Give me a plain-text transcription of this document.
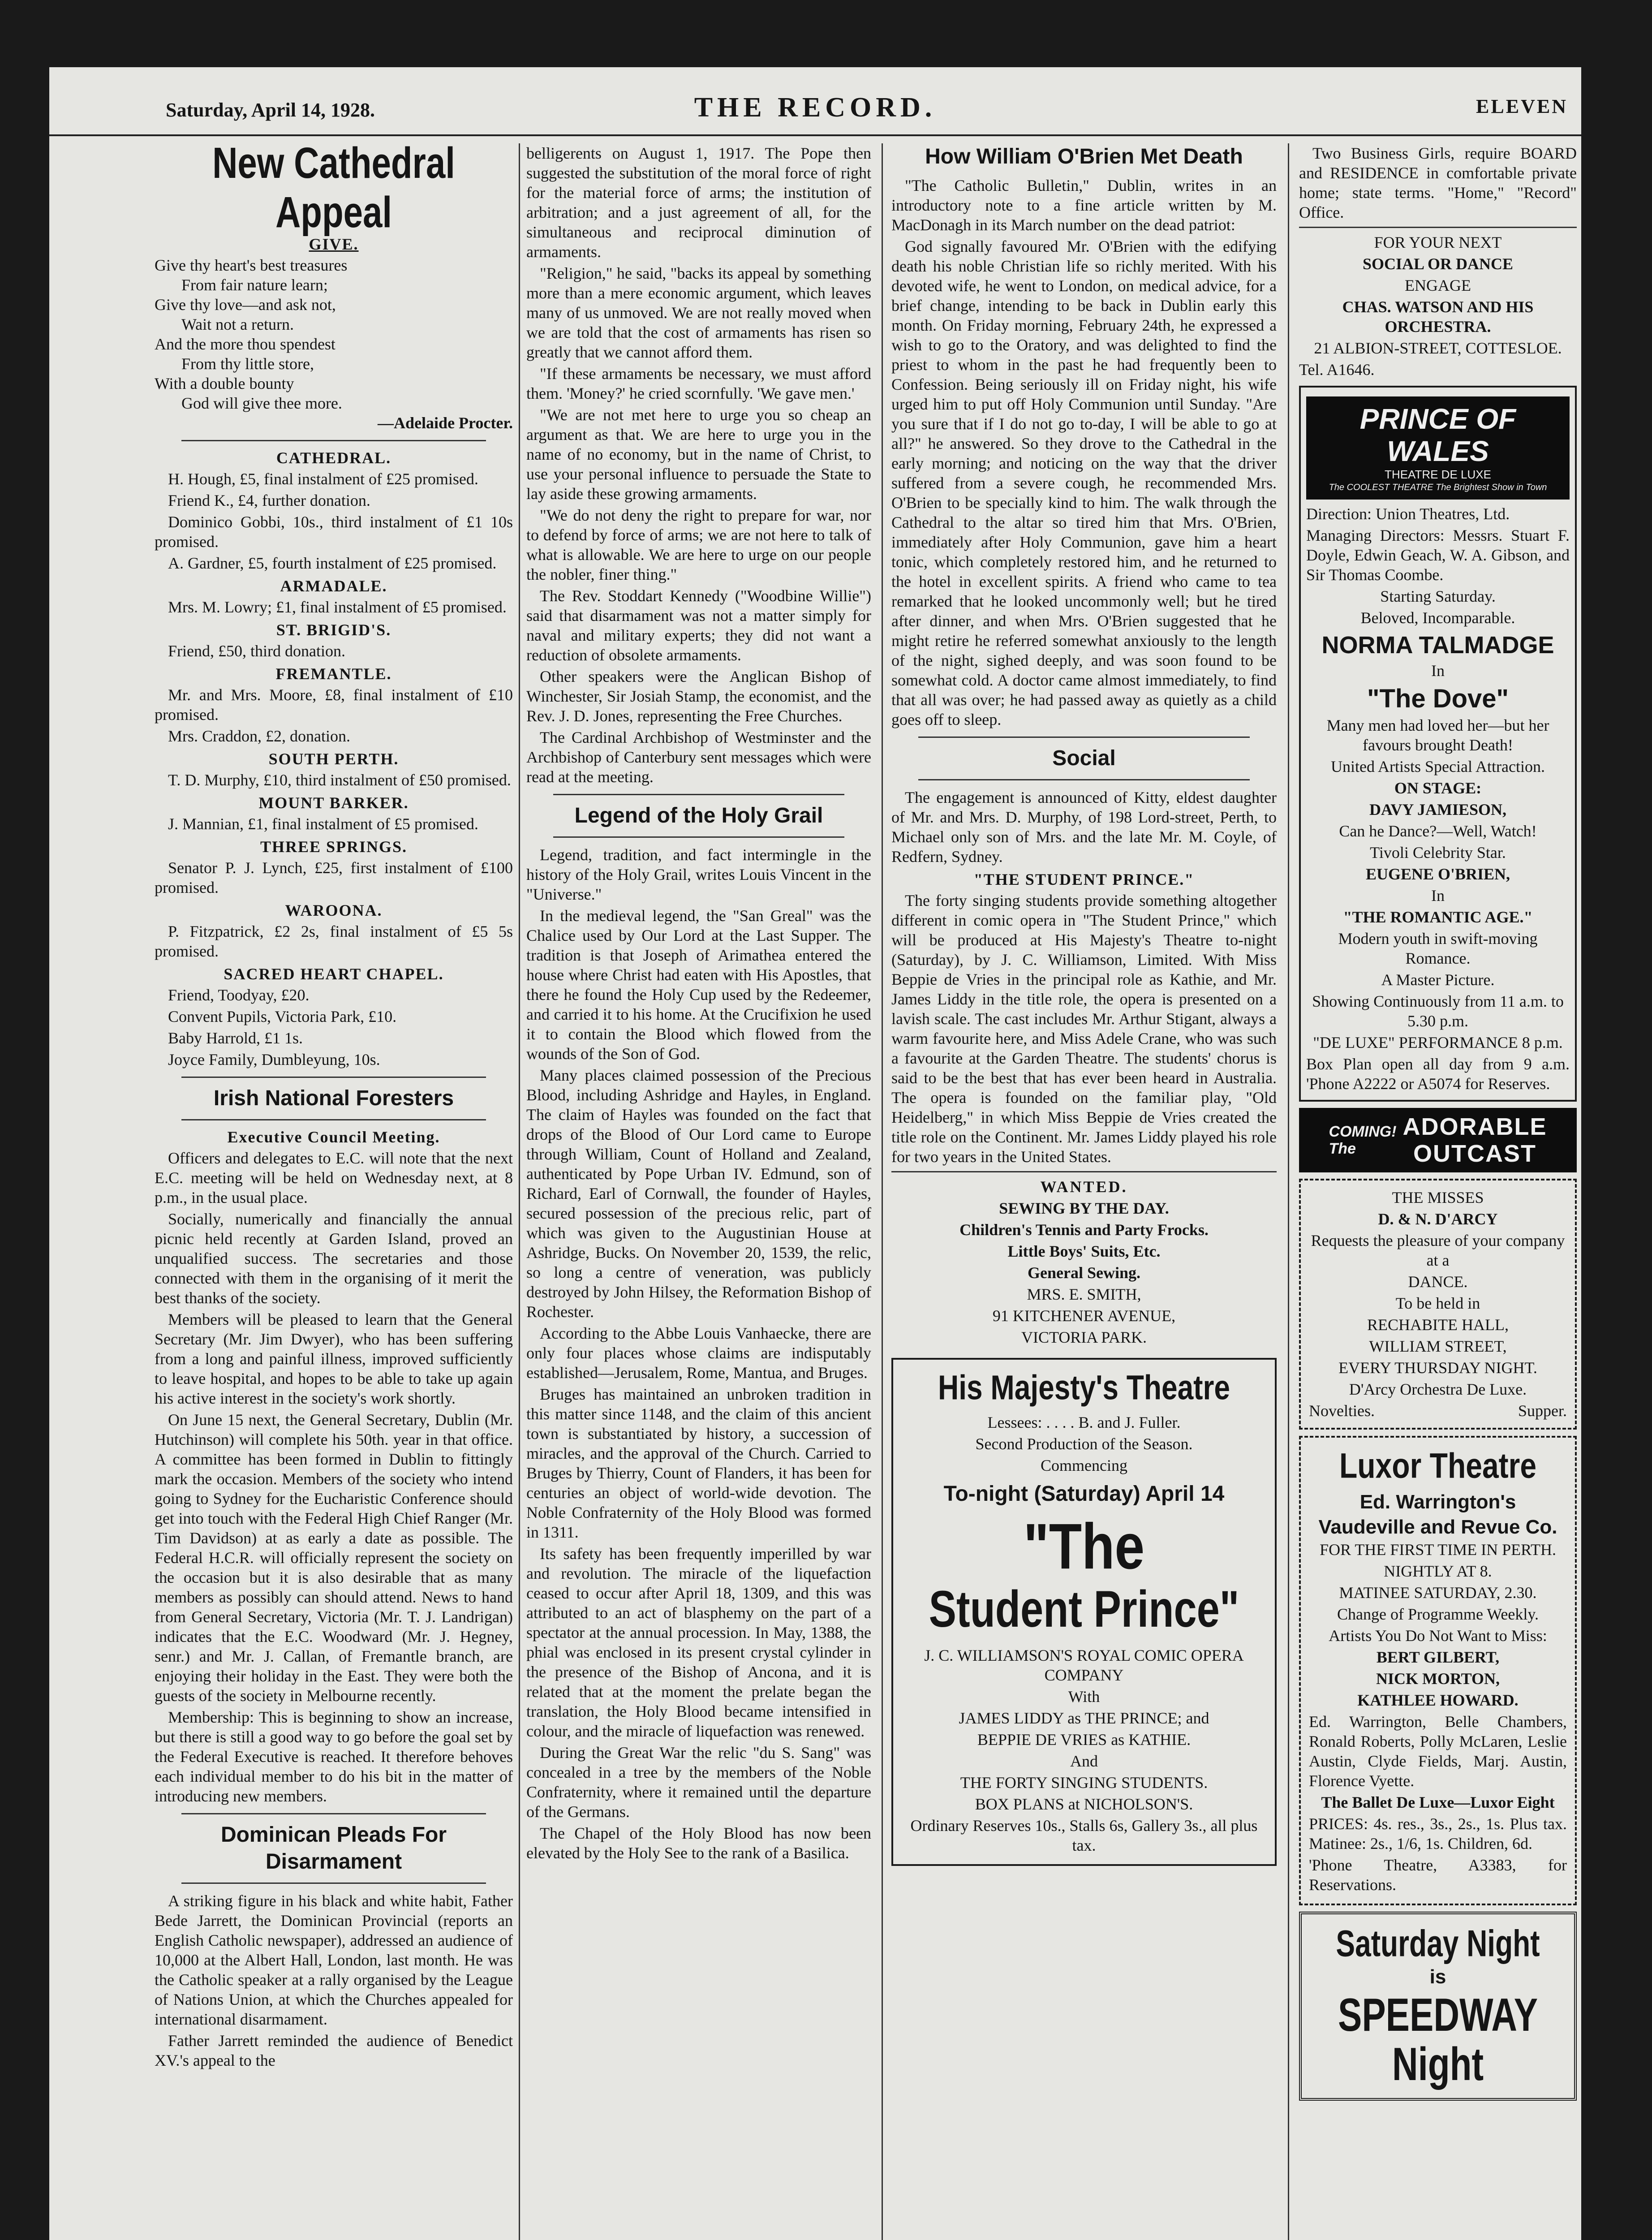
Saturday, April 14, 1928.	THE RECORD.	ELEVEN
New Cathedral Appeal
GIVE.

Give thy heart's best treasures

From fair nature learn;

Give thy love—and ask not,

Wait not a return.

And the more thou spendest

From thy little store,

With a double bounty

God will give thee more.

—Adelaide Procter.

CATHEDRAL.

H. Hough, £5, final instalment of £25 promised.

Friend K., £4, further donation.

Dominico Gobbi, 10s., third instalment of £1 10s promised.

A. Gardner, £5, fourth instalment of £25 promised.

ARMADALE.

Mrs. M. Lowry; £1, final instalment of £5 promised.

ST. BRIGID'S.

Friend, £50, third donation.

FREMANTLE.

Mr. and Mrs. Moore, £8, final instalment of £10 promised.

Mrs. Craddon, £2, donation.

SOUTH PERTH.

T. D. Murphy, £10, third instalment of £50 promised.

MOUNT BARKER.

J. Mannian, £1, final instalment of £5 promised.

THREE SPRINGS.

Senator P. J. Lynch, £25, first instalment of £100 promised.

WAROONA.

P. Fitzpatrick, £2 2s, final instalment of £5 5s promised.

SACRED HEART CHAPEL.

Friend, Toodyay, £20.

Convent Pupils, Victoria Park, £10.

Baby Harrold, £1 1s.

Joyce Family, Dumbleyung, 10s.

Irish National Foresters
Executive Council Meeting.

Officers and delegates to E.C. will note that the next E.C. meeting will be held on Wednesday next, at 8 p.m., in the usual place.

Socially, numerically and financially the annual picnic held recently at Garden Island, proved an unqualified success. The secretaries and those connected with them in the organising of it merit the best thanks of the society.

Members will be pleased to learn that the General Secretary (Mr. Jim Dwyer), who has been suffering from a long and painful illness, improved sufficiently to leave hospital, and hopes to be able to take up again his active interest in the society's work shortly.

On June 15 next, the General Secretary, Dublin (Mr. Hutchinson) will complete his 50th. year in that office. A committee has been formed in Dublin to fittingly mark the occasion. Members of the society who intend going to Sydney for the Eucharistic Conference should get into touch with the Federal High Chief Ranger (Mr. Tim Davidson) at as early a date as possible. The Federal H.C.R. will officially represent the society on the occasion but it is also desirable that as many members as possibly can should attend. News to hand from General Secretary, Victoria (Mr. T. J. Landrigan) indicates that the E.C. Woodward (Mr. J. Hegney, senr.) and Mr. J. Callan, of Fremantle branch, are enjoying their holiday in the East. They were both the guests of the society in Melbourne recently.

Membership: This is beginning to show an increase, but there is still a good way to go before the goal set by the Federal Executive is reached. It therefore behoves each individual member to do his bit in the matter of introducing new members.

Dominican Pleads For Disarmament

A striking figure in his black and white habit, Father Bede Jarrett, the Dominican Provincial (reports an English Catholic newspaper), addressed an audience of 10,000 at the Albert Hall, London, last month. He was the Catholic speaker at a rally organised by the League of Nations Union, at which the Churches appealed for international disarmament.

Father Jarrett reminded the audience of Benedict XV.'s appeal to the

belligerents on August 1, 1917. The Pope then suggested the substitution of the moral force of right for the material force of arms; the institution of arbitration; and a just agreement of all, for the simultaneous and reciprocal diminution of armaments.

"Religion," he said, "backs its appeal by something more than a mere economic argument, which leaves many of us unmoved. We are not really moved when we are told that the cost of armaments has risen so greatly that we cannot afford them.

"If these armaments be necessary, we must afford them. 'Money?' he cried scornfully. 'We gave men.'

"We are not met here to urge you so cheap an argument as that. We are here to urge you in the name of no economy, but in the name of Christ, to use your personal influence to persuade the State to lay aside these growing armaments.

"We do not deny the right to prepare for war, nor to defend by force of arms; we are not here to talk of what is allowable. We are here to urge on our people the nobler, finer thing."

The Rev. Stoddart Kennedy ("Woodbine Willie") said that disarmament was not a matter simply for naval and military experts; they did not want a reduction of obsolete armaments.

Other speakers were the Anglican Bishop of Winchester, Sir Josiah Stamp, the economist, and the Rev. J. D. Jones, representing the Free Churches.

The Cardinal Archbishop of Westminster and the Archbishop of Canterbury sent messages which were read at the meeting.

Legend of the Holy Grail

Legend, tradition, and fact intermingle in the history of the Holy Grail, writes Louis Vincent in the "Universe."

In the medieval legend, the "San Greal" was the Chalice used by Our Lord at the Last Supper. The tradition is that Joseph of Arimathea entered the house where Christ had eaten with His Apostles, that there he found the Holy Cup used by the Redeemer, and carried it to his home. At the Crucifixion he used it to contain the Blood which flowed from the wounds of the Son of God.

Many places claimed possession of the Precious Blood, including Ashridge and Hayles, in England. The claim of Hayles was founded on the fact that drops of the Blood of Our Lord came to Europe through William, Count of Holland and Zealand, authenticated by Pope Urban IV. Edmund, son of Richard, Earl of Cornwall, the founder of Hayles, secured possession of the precious relic, part of which was given to the Augustinian House at Ashridge, Bucks. On November 20, 1539, the relic, so long a centre of veneration, was publicly destroyed by John Hilsey, the Reformation Bishop of Rochester.

According to the Abbe Louis Vanhaecke, there are only four places whose claims are indisputably established—Jerusalem, Rome, Mantua, and Bruges.

Bruges has maintained an unbroken tradition in this matter since 1148, and the claim of this ancient town is substantiated by history, a succession of miracles, and the approval of the Church. Carried to Bruges by Thierry, Count of Flanders, it has been for centuries an object of world-wide devotion. The Noble Confraternity of the Holy Blood was formed in 1311.

Its safety has been frequently imperilled by war and revolution. The miracle of the liquefaction ceased to occur after April 18, 1309, and this was attributed to an act of blasphemy on the part of a spectator at the annual procession. In May, 1388, the phial was enclosed in its present crystal cylinder in the presence of the Bishop of Ancona, and it is related that at the moment the prelate began the translation, the Holy Blood became intensified in colour, and the miracle of liquefaction was renewed.

During the Great War the relic "du S. Sang" was concealed in a tree by the members of the Noble Confraternity, where it remained until the departure of the Germans.

The Chapel of the Holy Blood has now been elevated by the Holy See to the rank of a Basilica.

How William O'Brien Met Death

"The Catholic Bulletin," Dublin, writes in an introductory note to a fine article written by M. MacDonagh in its March number on the dead patriot:

God signally favoured Mr. O'Brien with the edifying death his noble Christian life so richly merited. With his devoted wife, he went to London, on medical advice, for a brief change, intending to be back in Dublin early this month. On Friday morning, February 24th, he expressed a wish to go to the Oratory, and was delighted to find the priest to whom in the past he had frequently been to Confession. Being seriously ill on Friday night, his wife urged him to put off Holy Communion until Sunday. "Are you sure that if I do not go to-day, I will be able to go at all?" he answered. So they drove to the Cathedral in the early morning; and noticing on the way that the driver suffered from a severe cough, he recommended Mrs. O'Brien to be specially kind to him. The walk through the Cathedral to the altar so tired him that Mrs. O'Brien, immediately after Holy Communion, gave him a heart tonic, which completely restored him, and he returned to the hotel in excellent spirits. A friend who came to tea remarked that he looked uncommonly well; but he tired after dinner, and when Mrs. O'Brien suggested that he might retire he referred somewhat anxiously to the length of the night, sighed deeply, and was soon found to be somewhat cold. A doctor came almost immediately, to find that all was over; he had passed away as quietly as a child goes off to sleep.

Social

The engagement is announced of Kitty, eldest daughter of Mr. and Mrs. D. Murphy, of 198 Lord-street, Perth, to Michael only son of Mrs. and the late Mr. M. Coyle, of Redfern, Sydney.

"THE STUDENT PRINCE."

The forty singing students provide something altogether different in comic opera in "The Student Prince," which will be produced at His Majesty's Theatre to-night (Saturday), by J. C. Williamson, Limited. With Miss Beppie de Vries in the principal role as Kathie, and Mr. James Liddy in the title role, the opera is presented on a lavish scale. The cast includes Mr. Arthur Stigant, always a warm favourite here, and Miss Adele Crane, who was such a favourite at the Garden Theatre. The students' chorus is said to be the best that has ever been heard in Australia. The opera is founded on the familiar play, "Old Heidelberg," in which Miss Beppie de Vries created the title role on the Continent. Mr. James Liddy played his role for two years in the United States.

WANTED.

SEWING BY THE DAY.

Children's Tennis and Party Frocks.

Little Boys' Suits, Etc.

General Sewing.

MRS. E. SMITH,

91 KITCHENER AVENUE,

VICTORIA PARK.

His Majesty's Theatre

Lessees: . . . . B. and J. Fuller.

Second Production of the Season.

Commencing

To-night (Saturday) April 14
"The
Student Prince"

J. C. WILLIAMSON'S ROYAL COMIC OPERA COMPANY

With

JAMES LIDDY as THE PRINCE; and

BEPPIE DE VRIES as KATHIE.

And

THE FORTY SINGING STUDENTS.

BOX PLANS at NICHOLSON'S.

Ordinary Reserves 10s., Stalls 6s, Gallery 3s., all plus tax.

Two Business Girls, require BOARD and RESIDENCE in comfortable private home; state terms. "Home," "Record" Office.

FOR YOUR NEXT

SOCIAL OR DANCE

ENGAGE

CHAS. WATSON AND HIS ORCHESTRA.

21 ALBION-STREET, COTTESLOE.

Tel. A1646.

PRINCE OF WALES
THEATRE DE LUXE
The COOLEST THEATRE The Brightest Show in Town

Direction: Union Theatres, Ltd.

Managing Directors: Messrs. Stuart F. Doyle, Edwin Geach, W. A. Gibson, and Sir Thomas Coombe.

Starting Saturday.

Beloved, Incomparable.

NORMA TALMADGE

In

"The Dove"

Many men had loved her—but her favours brought Death!

United Artists Special Attraction.

ON STAGE:

DAVY JAMIESON,

Can he Dance?—Well, Watch!

Tivoli Celebrity Star.

EUGENE O'BRIEN,

In

"THE ROMANTIC AGE."

Modern youth in swift-moving Romance.

A Master Picture.

Showing Continuously from 11 a.m. to 5.30 p.m.

"DE LUXE" PERFORMANCE 8 p.m.

Box Plan open all day from 9 a.m. 'Phone A2222 or A5074 for Reserves.

COMING!
The
ADORABLE
OUTCAST

THE MISSES

D. & N. D'ARCY

Requests the pleasure of your company at a

DANCE.

To be held in

RECHABITE HALL,

WILLIAM STREET,

EVERY THURSDAY NIGHT.

D'Arcy Orchestra De Luxe.

Novelties.	Supper.
Luxor Theatre
Ed. Warrington's Vaudeville and Revue Co.

FOR THE FIRST TIME IN PERTH.

NIGHTLY AT 8.

MATINEE SATURDAY, 2.30.

Change of Programme Weekly.

Artists You Do Not Want to Miss:

BERT GILBERT,

NICK MORTON,

KATHLEE HOWARD.

Ed. Warrington, Belle Chambers, Ronald Roberts, Polly McLaren, Leslie Austin, Clyde Fields, Marj. Austin, Florence Vyette.

The Ballet De Luxe—Luxor Eight

PRICES: 4s. res., 3s., 2s., 1s. Plus tax. Matinee: 2s., 1/6, 1s. Children, 6d.

'Phone Theatre, A3383, for Reservations.

Saturday Night
is
SPEEDWAY
Night
